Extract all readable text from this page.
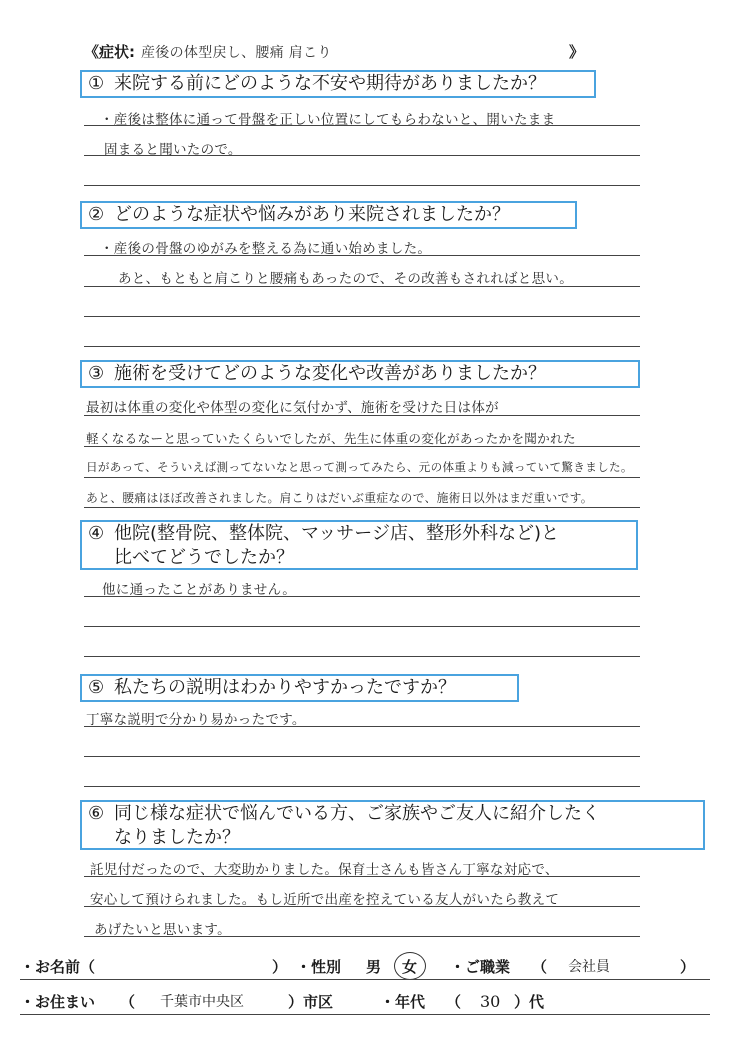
《症状: 産後の体型戻し、腰痛 肩こり	》
① 来院する前にどのような不安や期待がありましたか？
・産後は整体に通って骨盤を正しい位置にしてもらわないと、開いたまま
固まると聞いたので。
② どのような症状や悩みがあり来院されましたか？
・産後の骨盤のゆがみを整える為に通い始めました。
あと、もともと肩こりと腰痛もあったので、その改善もされればと思い。
③ 施術を受けてどのような変化や改善がありましたか？
最初は体重の変化や体型の変化に気付かず、施術を受けた日は体が
軽くなるなーと思っていたくらいでしたが、先生に体重の変化があったかを聞かれた
日があって、そういえば測ってないなと思って測ってみたら、元の体重よりも減っていて驚きました。
あと、腰痛はほぼ改善されました。肩こりはだいぶ重症なので、施術日以外はまだ重いです。
④ 他院(整骨院、整体院、マッサージ店、整形外科など)と
比べてどうでしたか？
他に通ったことがありません。
⑤ 私たちの説明はわかりやすかったですか？
丁寧な説明で分かり易かったです。
⑥ 同じ様な症状で悩んでいる方、ご家族やご友人に紹介したく
なりましたか？
託児付だったので、大変助かりました。保育士さんも皆さん丁寧な対応で、
安心して預けられました。もし近所で出産を控えている友人がいたら教えて
あげたいと思います。
・お名前（	） ・性別 男 女 ・ご職業 （ 会社員	）
・お住まい （ 千葉市中央区	）市区	・年代 （ 30 ）代
